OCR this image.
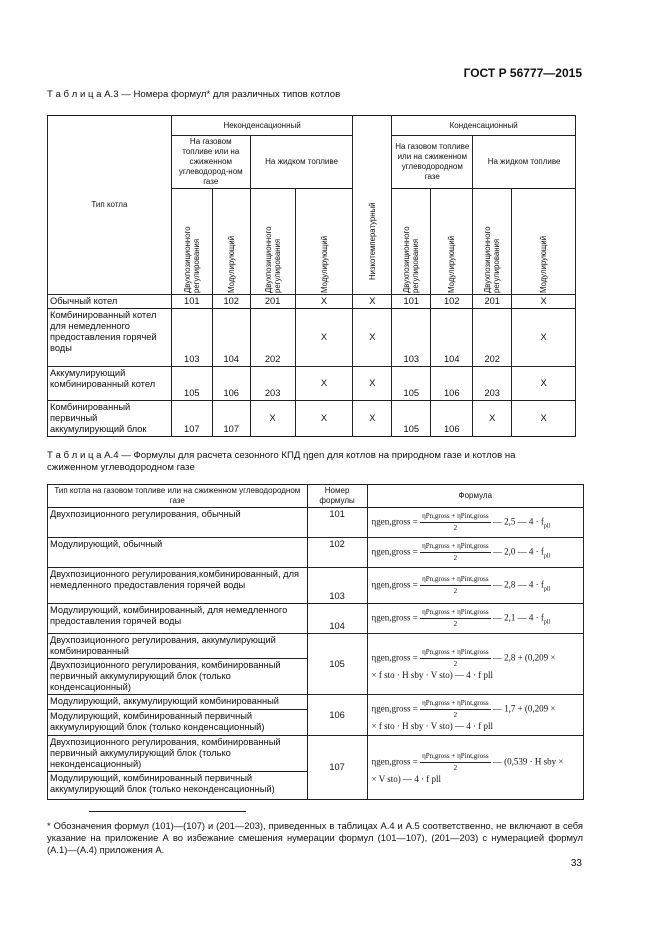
ГОСТ Р 56777—2015
Т а б л и ц а А.3 — Номера формул* для различных типов котлов
Тип котла	Неконденсационный				Низкотемпературный	Конденсационный			
	На газовом топливе или на сжиженном углеводород-ном газе		На жидком топливе			На газовом топливе или на сжиженном углеводородном газе		На жидком топливе	

	Двухпозиционного регулирования	Модулирующий	Двухпозиционного регулирования	Модулирующий		Двухпозиционного регулирования	Модулирующий	Двухпозиционного регулирования	Модулирующий

Обычный котел	101	102	201	X	X	101	102	201	X
Комбинированный котел для немедленного предоставления горячей воды	103	104	202	X	X	103	104	202	X
Аккумулирующий комбинированный котел	105	106	203	X	X	105	106	203	X
Комбинированный первичный аккумулирующий блок	107	107	X	X	X	105	106	X	X
Т а б л и ц а А.4 — Формулы для расчета сезонного КПД ηgen для котлов на природном газе и котлов на
сжиженном углеводородном газе
Тип котла на газовом топливе или на сжиженном углеводородном газе	Номер формулы	Формула
Двухпозиционного регулирования, обычный	101	ηgen,gross = $\frac{\text{ηPn,gross + ηPint,gross}}{2}$ — 2,5 — $4 \cdot f_{pll}$
Модулирующий, обычный	102	ηgen,gross = $\frac{\text{ηPn,gross + ηPint,gross}}{2}$ — 2,0 — $4 \cdot f_{pll}$
Двухпозиционного регулирования,комбинированный, для немедленного предоставления горячей воды	103	ηgen,gross = $\frac{\text{ηPn,gross + ηPint,gross}}{2}$ — 2,8 — $4 \cdot f_{pll}$
Модулирующий, комбинированный, для немедленного предоставления горячей воды	104	ηgen,gross = $\frac{\text{ηPn,gross + ηPint,gross}}{2}$ — 2,1 — $4 \cdot f_{pll}$
Двухпозиционного регулирования, аккумулирующий комбинированный	105	ηgen,gross = $\frac{\text{ηPn,gross + ηPint,gross}}{2}$ — 2,8 + (0,209 ×
× f sto · H sby · V sto) — 4 · f pll

Двухпозиционного регулирования, комбинированный первичный аккумулирующий блок (только конденсационный)		
Модулирующий, аккумулирующий комбинированный	106	ηgen,gross = $\frac{\text{ηPn,gross + ηPint,gross}}{2}$ — 1,7 + (0,209 ×
× f sto · H sby · V sto) — 4 · f pll

Модулирующий, комбинированный первичный аккумулирующий блок (только конденсационный)		
Двухпозиционного регулирования, комбинированный первичный аккумулирующий блок (только неконденсационный)	107	ηgen,gross = $\frac{\text{ηPn,gross + ηPint,gross}}{2}$ — (0,539 · H sby ×
× V sto) — 4 · f pll

Модулирующий, комбинированный первичный аккумулирующий блок (только неконденсационный)		
* Обозначения формул (101)—(107) и (201—203), приведенных в таблицах А.4 и А.5 соответственно, не включают в себя указание на приложение А во избежание смешения нумерации формул (101—107), (201—203) с нумерацией формул (А.1)—(А.4) приложения А.
33
